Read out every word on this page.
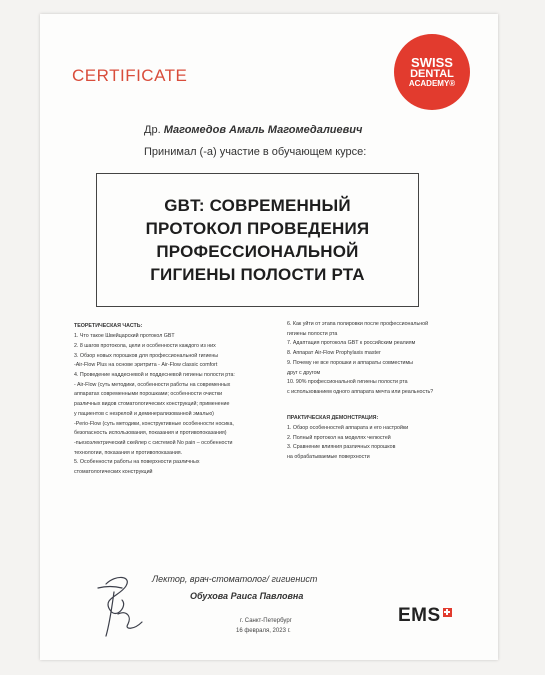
CERTIFICATE
SWISS
DENTAL
ACADEMY®
Др. Магомедов Амаль Магомедалиевич
Принимал (-а) участие в обучающем курсе:
GBT: СОВРЕМЕННЫЙ
ПРОТОКОЛ ПРОВЕДЕНИЯ
ПРОФЕССИОНАЛЬНОЙ
ГИГИЕНЫ ПОЛОСТИ РТА
ТЕОРЕТИЧЕСКАЯ ЧАСТЬ:
1. Что такое Швейцарский протокол GBT
2. 8 шагов протокола, цели и особенности каждого из них
3. Обзор новых порошков для профессиональной гигиены
-Air-Flow Plus на основе эритрита - Air-Flow classic comfort
4. Проведение наддесневой и поддесневой гигиены полости рта:
- Air-Flow (суть методики, особенности работы на современных
аппаратах современными порошками; особенности очистки
различных видов стоматологических конструкций; применение
у пациентов с незрелой и деминерализованной эмалью)
-Perio-Flow (суть методики, конструктивные особенности носика,
безопасность использования, показания и противопоказания)
-пьезоэлектрический скейлер с системой No pain – особенности
технологии, показания и противопоказания.
5. Особенности работы на поверхности различных
стоматологических конструкций
6. Как уйти от этапа полировки после профессиональной
гигиены полости рта
7. Адаптация протокола GBT к российским реалиям
8. Аппарат Air-Flow Prophylaxis master
9. Почему не все порошки и аппараты совместимы
друг с другом
10. 90% профессиональной гигиены полости рта
с использованием одного аппарата мечта или реальность?
ПРАКТИЧЕСКАЯ ДЕМОНСТРАЦИЯ:
1. Обзор особенностей аппарата и его настройки
2. Полный протокол на моделях челюстей
3. Сравнение влияния различных порошков
на обрабатываемые поверхности
Лектор, врач-стоматолог/ гигиенист
Обухова Раиса Павловна
г. Санкт-Петербург
16 февраля, 2023 г.
EMS
